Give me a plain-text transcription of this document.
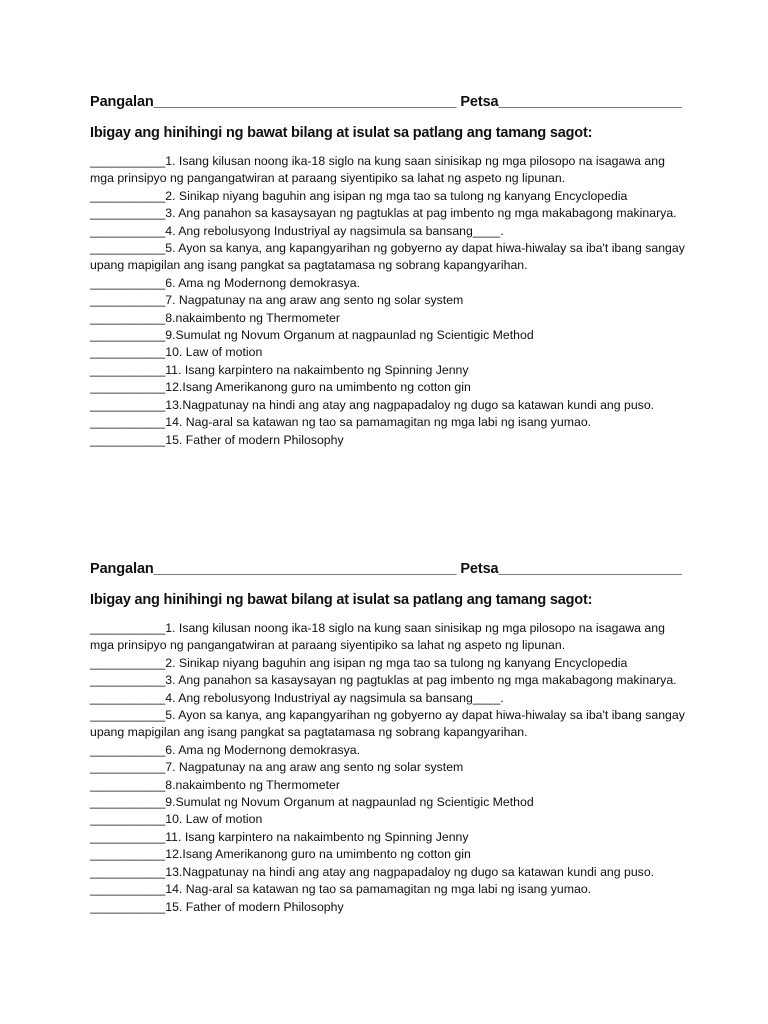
Pangalan______________________________________ Petsa_______________________
Ibigay ang hinihingi ng bawat bilang at isulat sa patlang ang tamang sagot:

___________1. Isang kilusan noong ika-18 siglo na kung saan sinisikap ng mga pilosopo na isagawa ang mga prinsipyo ng pangangatwiran at paraang siyentipiko sa lahat ng aspeto ng lipunan.

___________2. Sinikap niyang baguhin ang isipan ng mga tao sa tulong ng kanyang Encyclopedia

___________3. Ang panahon sa kasaysayan ng pagtuklas at pag imbento ng mga makabagong makinarya.

___________4. Ang rebolusyong Industriyal ay nagsimula sa bansang____.

___________5. Ayon sa kanya, ang kapangyarihan ng gobyerno ay dapat hiwa-hiwalay sa iba't ibang sangay upang mapigilan ang isang pangkat sa pagtatamasa ng sobrang kapangyarihan.

___________6. Ama ng Modernong demokrasya.

___________7. Nagpatunay na ang araw ang sento ng solar system

___________8.nakaimbento ng Thermometer

___________9.Sumulat ng Novum Organum at nagpaunlad ng Scientigic Method

___________10. Law of motion

___________11. Isang karpintero na nakaimbento ng Spinning Jenny

___________12.Isang Amerikanong guro na umimbento ng cotton gin

___________13.Nagpatunay na hindi ang atay ang nagpapadaloy ng dugo sa katawan kundi ang puso.

___________14. Nag-aral sa katawan ng tao sa pamamagitan ng mga labi ng isang yumao.

___________15. Father of modern Philosophy

Pangalan______________________________________ Petsa_______________________
Ibigay ang hinihingi ng bawat bilang at isulat sa patlang ang tamang sagot:

___________1. Isang kilusan noong ika-18 siglo na kung saan sinisikap ng mga pilosopo na isagawa ang mga prinsipyo ng pangangatwiran at paraang siyentipiko sa lahat ng aspeto ng lipunan.

___________2. Sinikap niyang baguhin ang isipan ng mga tao sa tulong ng kanyang Encyclopedia

___________3. Ang panahon sa kasaysayan ng pagtuklas at pag imbento ng mga makabagong makinarya.

___________4. Ang rebolusyong Industriyal ay nagsimula sa bansang____.

___________5. Ayon sa kanya, ang kapangyarihan ng gobyerno ay dapat hiwa-hiwalay sa iba't ibang sangay upang mapigilan ang isang pangkat sa pagtatamasa ng sobrang kapangyarihan.

___________6. Ama ng Modernong demokrasya.

___________7. Nagpatunay na ang araw ang sento ng solar system

___________8.nakaimbento ng Thermometer

___________9.Sumulat ng Novum Organum at nagpaunlad ng Scientigic Method

___________10. Law of motion

___________11. Isang karpintero na nakaimbento ng Spinning Jenny

___________12.Isang Amerikanong guro na umimbento ng cotton gin

___________13.Nagpatunay na hindi ang atay ang nagpapadaloy ng dugo sa katawan kundi ang puso.

___________14. Nag-aral sa katawan ng tao sa pamamagitan ng mga labi ng isang yumao.

___________15. Father of modern Philosophy
